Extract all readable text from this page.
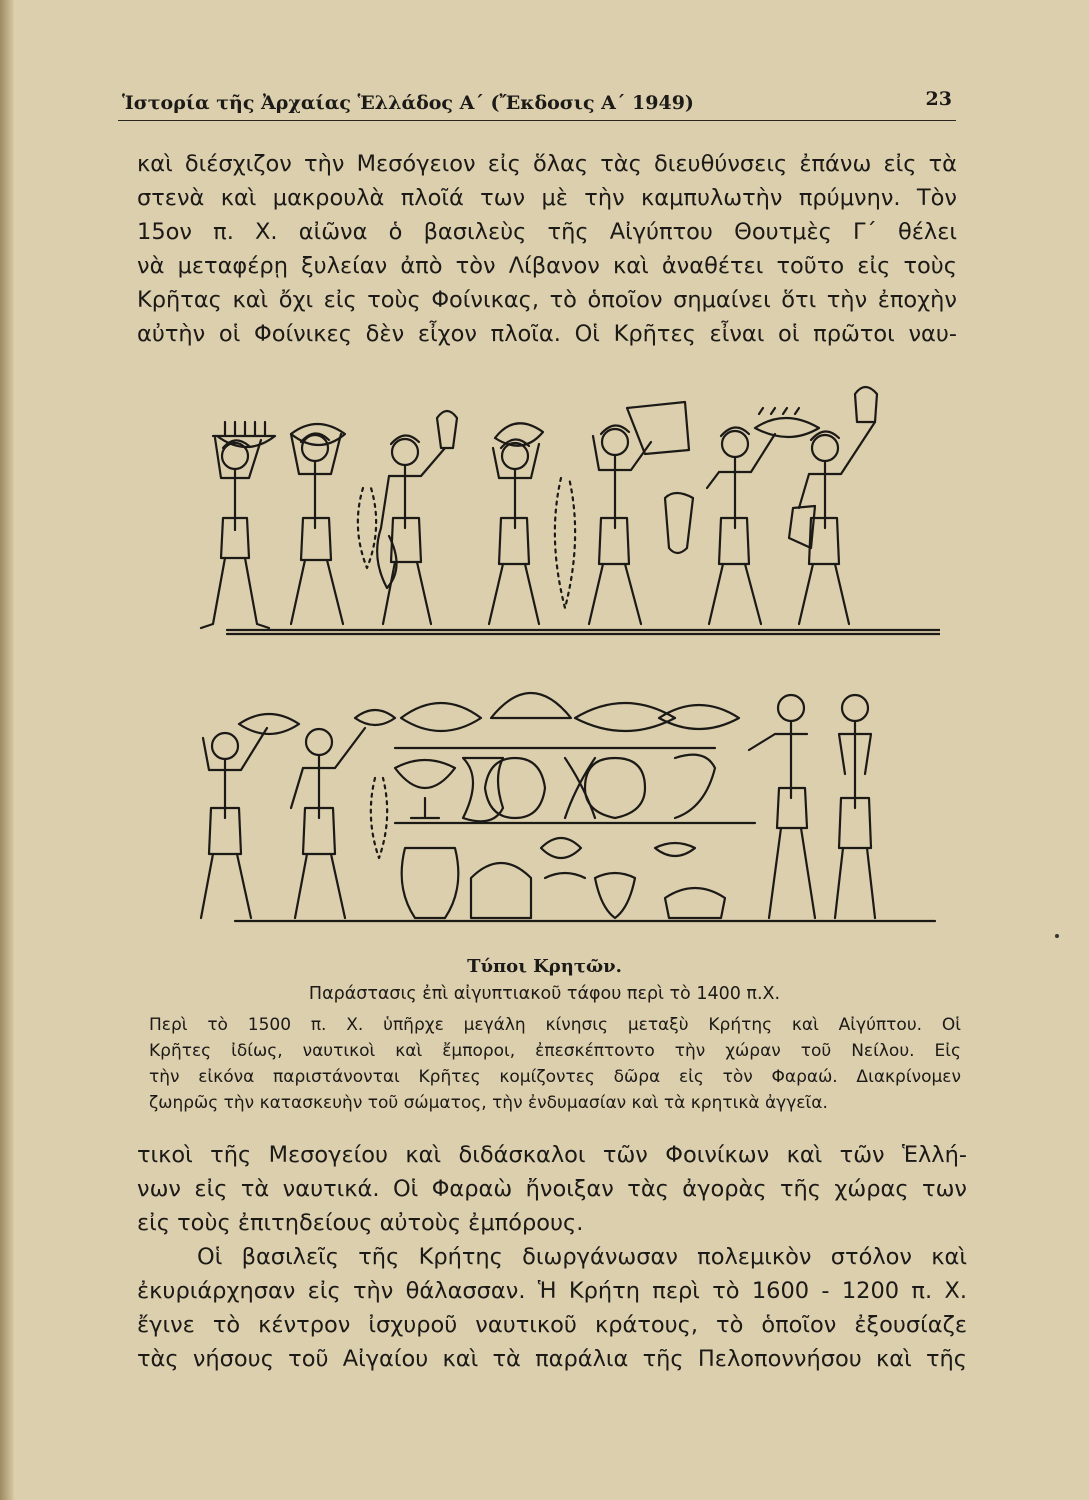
Ἱστορία τῆς Ἀρχαίας Ἑλλάδος Α΄ (Ἔκδοσις Α΄ 1949)	23
καὶ διέσχιζον τὴν Μεσόγειον εἰς ὅλας τὰς διευθύνσεις ἐπάνω εἰς τὰ
στενὰ καὶ μακρουλὰ πλοῖά των μὲ τὴν καμπυλωτὴν πρύμνην. Τὸν
15ον π. Χ. αἰῶνα ὁ βασιλεὺς τῆς Αἰγύπτου Θουτμὲς Γ΄ θέλει
νὰ μεταφέρῃ ξυλείαν ἀπὸ τὸν Λίβανον καὶ ἀναθέτει τοῦτο εἰς τοὺς
Κρῆτας καὶ ὄχι εἰς τοὺς Φοίνικας, τὸ ὁποῖον σημαίνει ὅτι τὴν ἐποχὴν
αὐτὴν οἱ Φοίνικες δὲν εἶχον πλοῖα. Οἱ Κρῆτες εἶναι οἱ πρῶτοι ναυ-
Τύποι Κρητῶν.
Παράστασις ἐπὶ αἰγυπτιακοῦ τάφου περὶ τὸ 1400 π.Χ.
Περὶ τὸ 1500 π. Χ. ὑπῆρχε μεγάλη κίνησις μεταξὺ Κρήτης καὶ Αἰγύπτου. Οἱ
Κρῆτες ἰδίως, ναυτικοὶ καὶ ἔμποροι, ἐπεσκέπτοντο τὴν χώραν τοῦ Νείλου. Εἰς
τὴν εἰκόνα παριστάνονται Κρῆτες κομίζοντες δῶρα εἰς τὸν Φαραώ. Διακρίνομεν
ζωηρῶς τὴν κατασκευὴν τοῦ σώματος, τὴν ἐνδυμασίαν καὶ τὰ κρητικὰ ἀγγεῖα.
τικοὶ τῆς Μεσογείου καὶ διδάσκαλοι τῶν Φοινίκων καὶ τῶν Ἑλλή-
νων εἰς τὰ ναυτικά. Οἱ Φαραὼ ἤνοιξαν τὰς ἀγορὰς τῆς χώρας των
εἰς τοὺς ἐπιτηδείους αὐτοὺς ἐμπόρους.
Οἱ βασιλεῖς τῆς Κρήτης διωργάνωσαν πολεμικὸν στόλον καὶ
ἐκυριάρχησαν εἰς τὴν θάλασσαν. Ἡ Κρήτη περὶ τὸ 1600 - 1200 π. Χ.
ἔγινε τὸ κέντρον ἰσχυροῦ ναυτικοῦ κράτους, τὸ ὁποῖον ἐξουσίαζε
τὰς νήσους τοῦ Αἰγαίου καὶ τὰ παράλια τῆς Πελοποννήσου καὶ τῆς
